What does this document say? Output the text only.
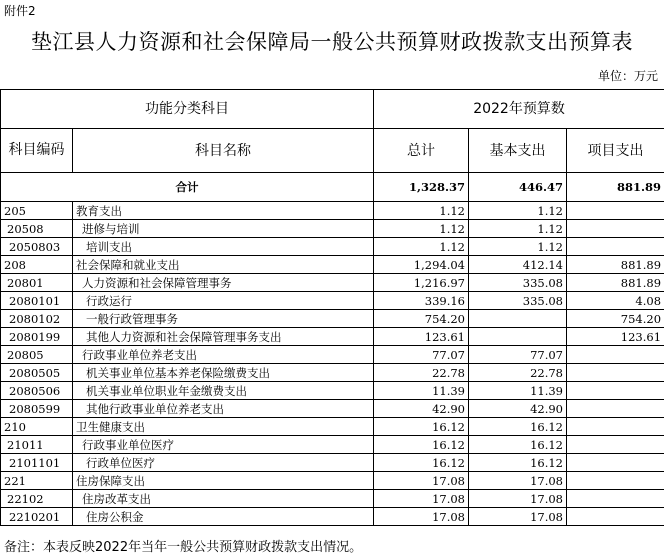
附件2
垫江县人力资源和社会保障局一般公共预算财政拨款支出预算表
单位：万元
功能分类科目		2022年预算数		
科目编码	科目名称	总计	基本支出	项目支出
合计		1,328.37	446.47	881.89
205	教育支出	1.12	1.12	
20508	进修与培训	1.12	1.12	
2050803	培训支出	1.12	1.12	
208	社会保障和就业支出	1,294.04	412.14	881.89
20801	人力资源和社会保障管理事务	1,216.97	335.08	881.89
2080101	行政运行	339.16	335.08	4.08
2080102	一般行政管理事务	754.20		754.20
2080199	其他人力资源和社会保障管理事务支出	123.61		123.61
20805	行政事业单位养老支出	77.07	77.07	
2080505	机关事业单位基本养老保险缴费支出	22.78	22.78	
2080506	机关事业单位职业年金缴费支出	11.39	11.39	
2080599	其他行政事业单位养老支出	42.90	42.90	
210	卫生健康支出	16.12	16.12	
21011	行政事业单位医疗	16.12	16.12	
2101101	行政单位医疗	16.12	16.12	
221	住房保障支出	17.08	17.08	
22102	住房改革支出	17.08	17.08	
2210201	住房公积金	17.08	17.08	
备注：本表反映2022年当年一般公共预算财政拨款支出情况。
